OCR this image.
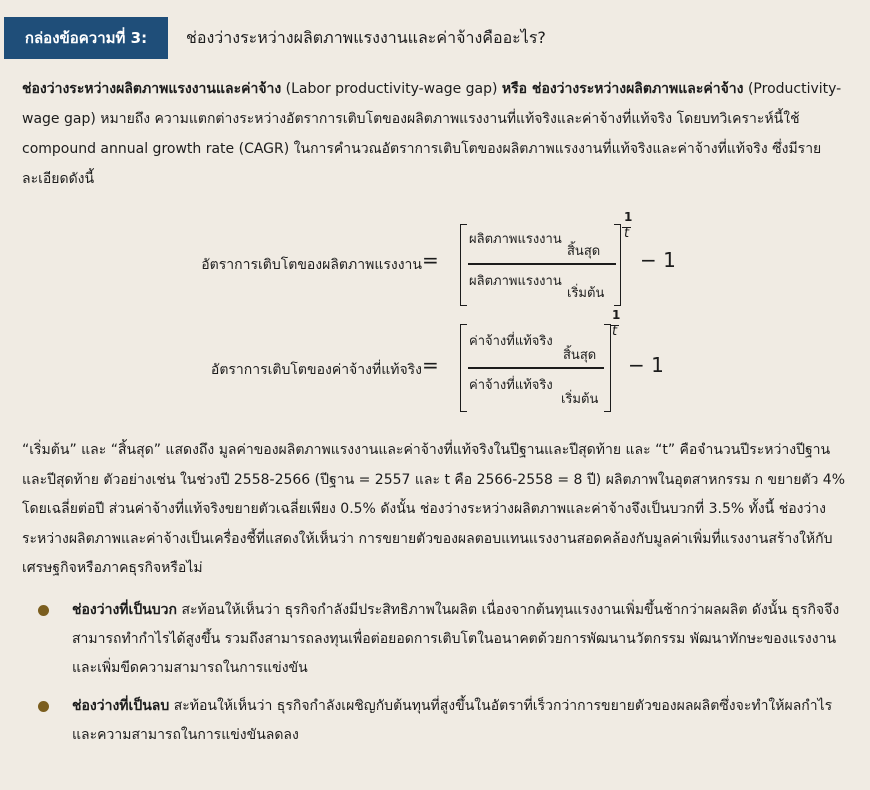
กล่องข้อความที่ 3:	ช่องว่างระหว่างผลิตภาพแรงงานและค่าจ้างคืออะไร?
ช่องว่างระหว่างผลิตภาพแรงงานและค่าจ้าง (Labor productivity-wage gap) หรือ ช่องว่างระหว่างผลิตภาพและค่าจ้าง (Productivity-wage gap) หมายถึง ความแตกต่างระหว่างอัตราการเติบโตของผลิตภาพแรงงานที่แท้จริงและค่าจ้างที่แท้จริง โดยบทวิเคราะห์นี้ใช้ compound annual growth rate (CAGR) ในการคำนวณอัตราการเติบโตของผลิตภาพแรงงานที่แท้จริงและค่าจ้างที่แท้จริง ซึ่งมีรายละเอียดดังนี้
อัตราการเติบโตของผลิตภาพแรงงาน =
ผลิตภาพแรงงาน
สิ้นสุด
ผลิตภาพแรงงาน
เริ่มต้น
1
t
− 1
อัตราการเติบโตของค่าจ้างที่แท้จริง =
ค่าจ้างที่แท้จริง
สิ้นสุด
ค่าจ้างที่แท้จริง
เริ่มต้น
1
t
− 1
“เริ่มต้น” และ “สิ้นสุด” แสดงถึง มูลค่าของผลิตภาพแรงงานและค่าจ้างที่แท้จริงในปีฐานและปีสุดท้าย และ “t” คือจำนวนปีระหว่างปีฐานและปีสุดท้าย ตัวอย่างเช่น ในช่วงปี 2558-2566 (ปีฐาน = 2557 และ t คือ 2566-2558 = 8 ปี) ผลิตภาพในอุตสาหกรรม ก ขยายตัว 4% โดยเฉลี่ยต่อปี ส่วนค่าจ้างที่แท้จริงขยายตัวเฉลี่ยเพียง 0.5% ดังนั้น ช่องว่างระหว่างผลิตภาพและค่าจ้างจึงเป็นบวกที่ 3.5% ทั้งนี้ ช่องว่างระหว่างผลิตภาพและค่าจ้างเป็นเครื่องชี้ที่แสดงให้เห็นว่า การขยายตัวของผลตอบแทนแรงงานสอดคล้องกับมูลค่าเพิ่มที่แรงงานสร้างให้กับเศรษฐกิจหรือภาคธุรกิจหรือไม่
ช่องว่างที่เป็นบวก สะท้อนให้เห็นว่า ธุรกิจกำลังมีประสิทธิภาพในผลิต เนื่องจากต้นทุนแรงงานเพิ่มขึ้นช้ากว่าผลผลิต ดังนั้น ธุรกิจจึงสามารถทำกำไรได้สูงขึ้น รวมถึงสามารถลงทุนเพื่อต่อยอดการเติบโตในอนาคตด้วยการพัฒนานวัตกรรม พัฒนาทักษะของแรงงาน และเพิ่มขีดความสามารถในการแข่งขัน
ช่องว่างที่เป็นลบ สะท้อนให้เห็นว่า ธุรกิจกำลังเผชิญกับต้นทุนที่สูงขึ้นในอัตราที่เร็วกว่าการขยายตัวของผลผลิตซึ่งจะทำให้ผลกำไรและความสามารถในการแข่งขันลดลง
